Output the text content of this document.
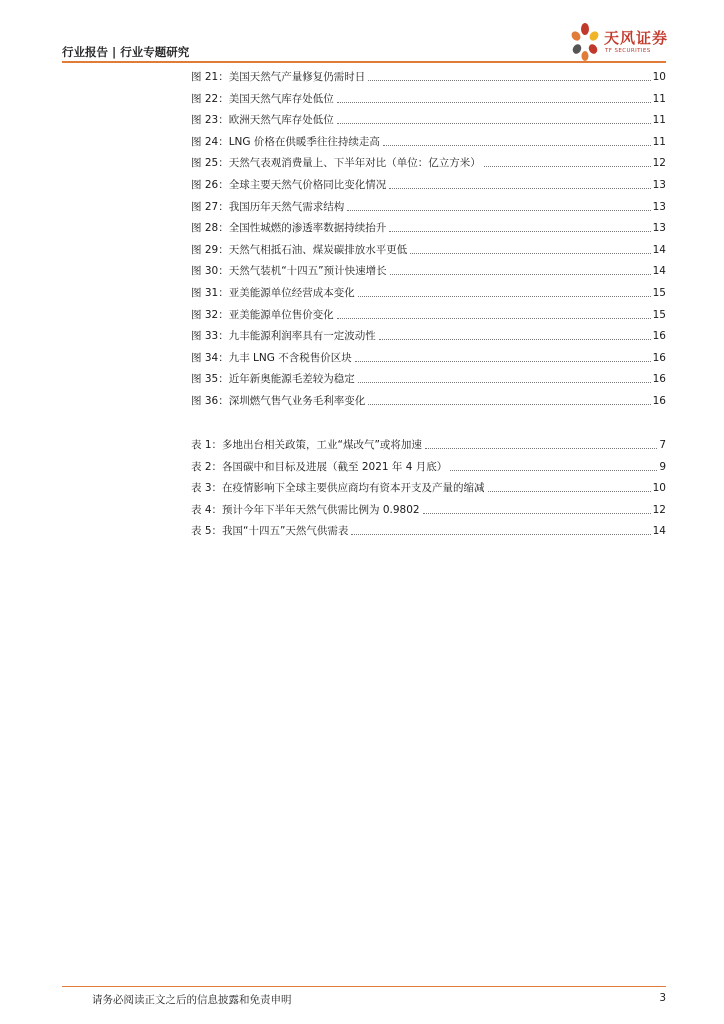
行业报告 | 行业专题研究
天风证券
TF SECURITIES
图 21：美国天然气产量修复仍需时日	10
图 22：美国天然气库存处低位	11
图 23：欧洲天然气库存处低位	11
图 24：LNG 价格在供暖季往往持续走高	11
图 25：天然气表观消费量上、下半年对比（单位：亿立方米）	12
图 26：全球主要天然气价格同比变化情况	13
图 27：我国历年天然气需求结构	13
图 28：全国性城燃的渗透率数据持续抬升	13
图 29：天然气相抵石油、煤炭碳排放水平更低	14
图 30：天然气装机“十四五”预计快速增长	14
图 31：亚美能源单位经营成本变化	15
图 32：亚美能源单位售价变化	15
图 33：九丰能源利润率具有一定波动性	16
图 34：九丰 LNG 不含税售价区块	16
图 35：近年新奥能源毛差较为稳定	16
图 36：深圳燃气售气业务毛利率变化	16
表 1：多地出台相关政策，工业“煤改气”或将加速	7
表 2：各国碳中和目标及进展（截至 2021 年 4 月底）	9
表 3：在疫情影响下全球主要供应商均有资本开支及产量的缩减	10
表 4：预计今年下半年天然气供需比例为 0.9802	12
表 5：我国“十四五”天然气供需表	14
请务必阅读正文之后的信息披露和免责申明	3
